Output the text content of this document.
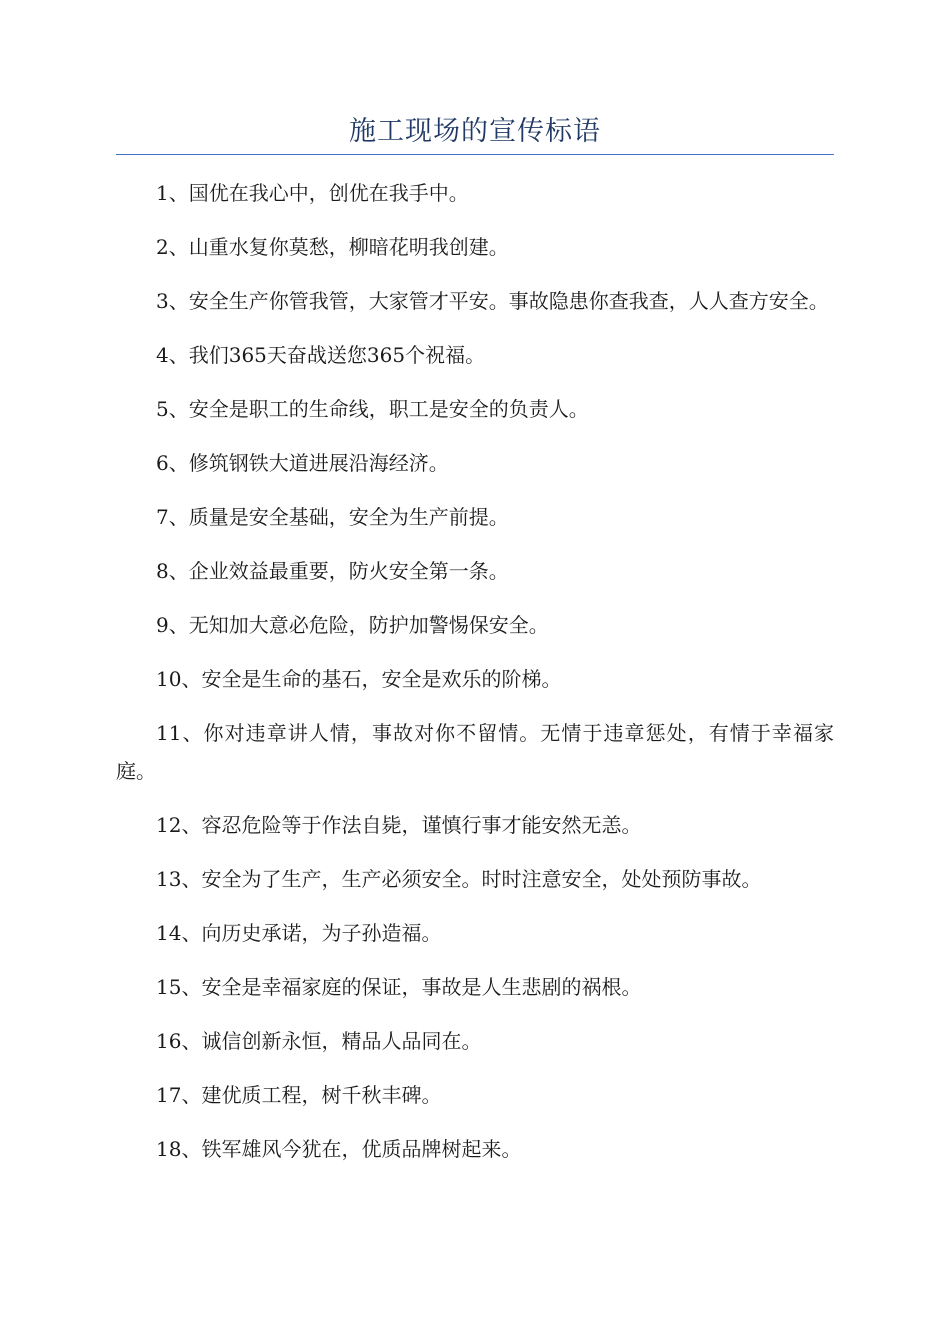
施工现场的宣传标语
1、国优在我心中，创优在我手中。
2、山重水复你莫愁，柳暗花明我创建。
3、安全生产你管我管，大家管才平安。事故隐患你查我查，人人查方安全。
4、我们365天奋战送您365个祝福。
5、安全是职工的生命线，职工是安全的负责人。
6、修筑钢铁大道进展沿海经济。
7、质量是安全基础，安全为生产前提。
8、企业效益最重要，防火安全第一条。
9、无知加大意必危险，防护加警惕保安全。
10、安全是生命的基石，安全是欢乐的阶梯。
11、你对违章讲人情，事故对你不留情。无情于违章惩处，有情于幸福家庭。
12、容忍危险等于作法自毙，谨慎行事才能安然无恙。
13、安全为了生产，生产必须安全。时时注意安全，处处预防事故。
14、向历史承诺，为子孙造福。
15、安全是幸福家庭的保证，事故是人生悲剧的祸根。
16、诚信创新永恒，精品人品同在。
17、建优质工程，树千秋丰碑。
18、铁军雄风今犹在，优质品牌树起来。
